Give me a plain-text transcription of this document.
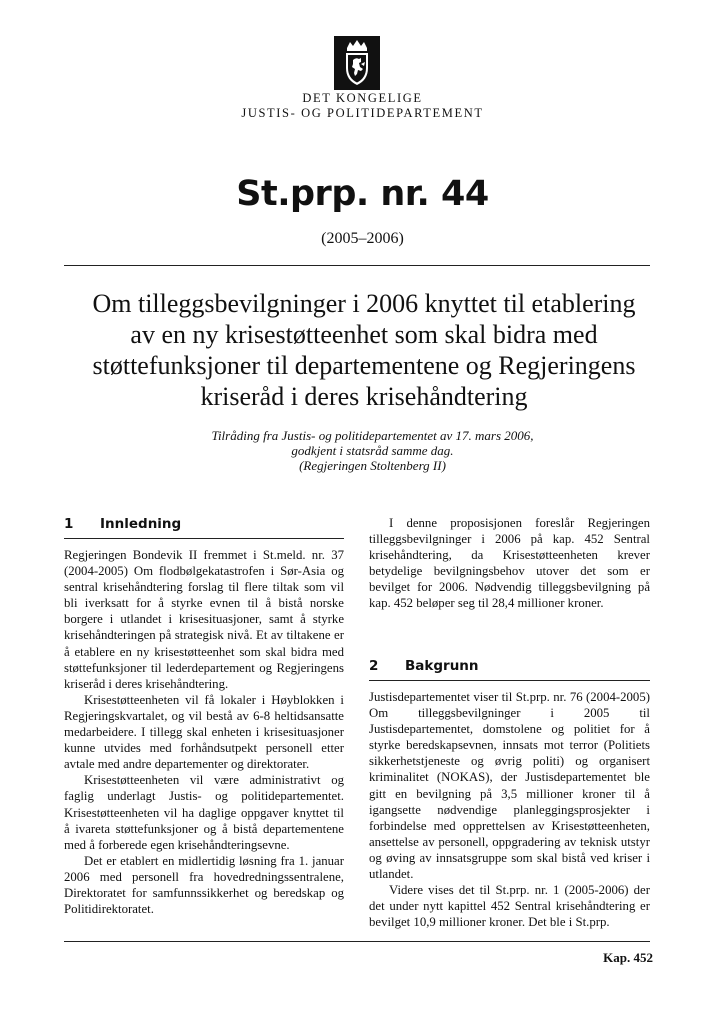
DET KONGELIGE
JUSTIS- OG POLITIDEPARTEMENT
St.prp. nr. 44
(2005–2006)
Om tilleggsbevilgninger i 2006 knyttet til etablering
av en ny krisestøtteenhet som skal bidra med
støttefunksjoner til departementene og Regjeringens
kriseråd i deres krisehåndtering
Tilråding fra Justis- og politidepartementet av 17. mars 2006,
godkjent i statsråd samme dag.
(Regjeringen Stoltenberg II)
1 Innledning

Regjeringen Bondevik II fremmet i St.meld. nr. 37 (2004-2005) Om flodbølgekatastrofen i Sør-Asia og sentral krisehåndtering forslag til flere tiltak som vil bli iverksatt for å styrke evnen til å bistå norske borgere i utlandet i krisesituasjoner, samt å styrke krisehåndteringen på strategisk nivå. Et av tiltakene er å etablere en ny krisestøtteenhet som skal bidra med støttefunksjoner til lederdepartement og Regjeringens kriseråd i deres krisehåndtering.

Krisestøtteenheten vil få lokaler i Høyblokken i Regjeringskvartalet, og vil bestå av 6-8 heltidsansatte medarbeidere. I tillegg skal enheten i krisesituasjoner kunne utvides med forhåndsutpekt personell etter avtale med andre departementer og direktorater.

Krisestøtteenheten vil være administrativt og faglig underlagt Justis- og politidepartementet. Krisestøtteenheten vil ha daglige oppgaver knyttet til å ivareta støttefunksjoner og å bistå departementene med å forberede egen krisehåndteringsevne.

Det er etablert en midlertidig løsning fra 1. januar 2006 med personell fra hovedredningssentralene, Direktoratet for samfunnssikkerhet og beredskap og Politidirektoratet.

I denne proposisjonen foreslår Regjeringen tilleggsbevilgninger i 2006 på kap. 452 Sentral krisehåndtering, da Krisestøtteenheten krever betydelige bevilgningsbehov utover det som er bevilget for 2006. Nødvendig tilleggsbevilgning på kap. 452 beløper seg til 28,4 millioner kroner.

2 Bakgrunn

Justisdepartementet viser til St.prp. nr. 76 (2004-2005) Om tilleggsbevilgninger i 2005 til Justisdepartementet, domstolene og politiet for å styrke beredskapsevnen, innsats mot terror (Politiets sikkerhetstjeneste og øvrig politi) og organisert kriminalitet (NOKAS), der Justisdepartementet ble gitt en bevilgning på 3,5 millioner kroner til å igangsette nødvendige planleggingsprosjekter i forbindelse med opprettelsen av Krisestøtteenheten, ansettelse av personell, oppgradering av teknisk utstyr og øving av innsatsgruppe som skal bistå ved kriser i utlandet.

Videre vises det til St.prp. nr. 1 (2005-2006) der det under nytt kapittel 452 Sentral krisehåndtering er bevilget 10,9 millioner kroner. Det ble i St.prp.

Kap. 452
